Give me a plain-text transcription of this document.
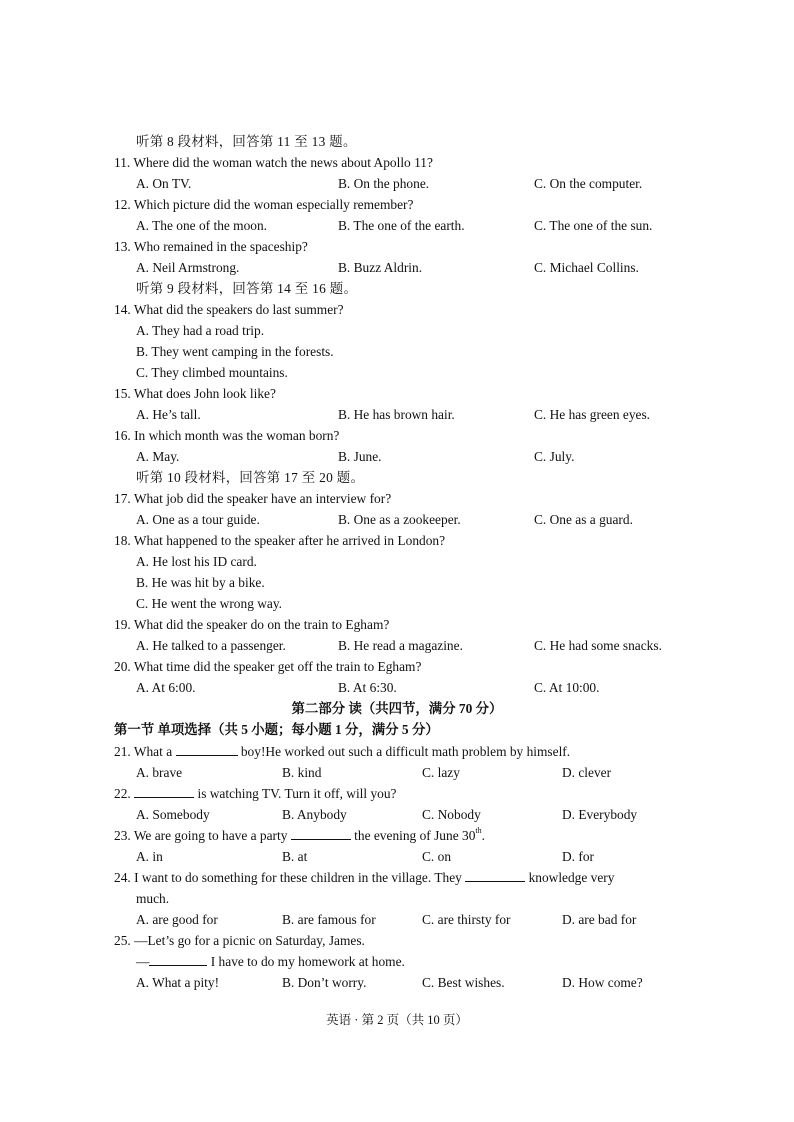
听第 8 段材料，回答第 11 至 13 题。
11. Where did the woman watch the news about Apollo 11?
A. On TV.	B. On the phone.	C. On the computer.
12. Which picture did the woman especially remember?
A. The one of the moon.	B. The one of the earth.	C. The one of the sun.
13. Who remained in the spaceship?
A. Neil Armstrong.	B. Buzz Aldrin.	C. Michael Collins.
听第 9 段材料，回答第 14 至 16 题。
14. What did the speakers do last summer?
A. They had a road trip.
B. They went camping in the forests.
C. They climbed mountains.
15. What does John look like?
A. He’s tall.	B. He has brown hair.	C. He has green eyes.
16. In which month was the woman born?
A. May.	B. June.	C. July.
听第 10 段材料，回答第 17 至 20 题。
17. What job did the speaker have an interview for?
A. One as a tour guide.	B. One as a zookeeper.	C. One as a guard.
18. What happened to the speaker after he arrived in London?
A. He lost his ID card.
B. He was hit by a bike.
C. He went the wrong way.
19. What did the speaker do on the train to Egham?
A. He talked to a passenger.	B. He read a magazine.	C. He had some snacks.
20. What time did the speaker get off the train to Egham?
A. At 6:00.	B. At 6:30.	C. At 10:00.
第二部分 读（共四节，满分 70 分）
第一节 单项选择（共 5 小题；每小题 1 分，满分 5 分）
21. What a	boy!He worked out such a difficult math problem by himself.
A. brave	B. kind	C. lazy	D. clever
22.	is watching TV. Turn it off, will you?
A. Somebody	B. Anybody	C. Nobody	D. Everybody
23. We are going to have a party	the evening of June 30th.
A. in	B. at	C. on	D. for
24. I want to do something for these children in the village. They	knowledge very
much.
A. are good for	B. are famous for	C. are thirsty for	D. are bad for
25. —Let’s go for a picnic on Saturday, James.
—	I have to do my homework at home.
A. What a pity!	B. Don’t worry.	C. Best wishes.	D. How come?
英语 · 第 2 页（共 10 页）
